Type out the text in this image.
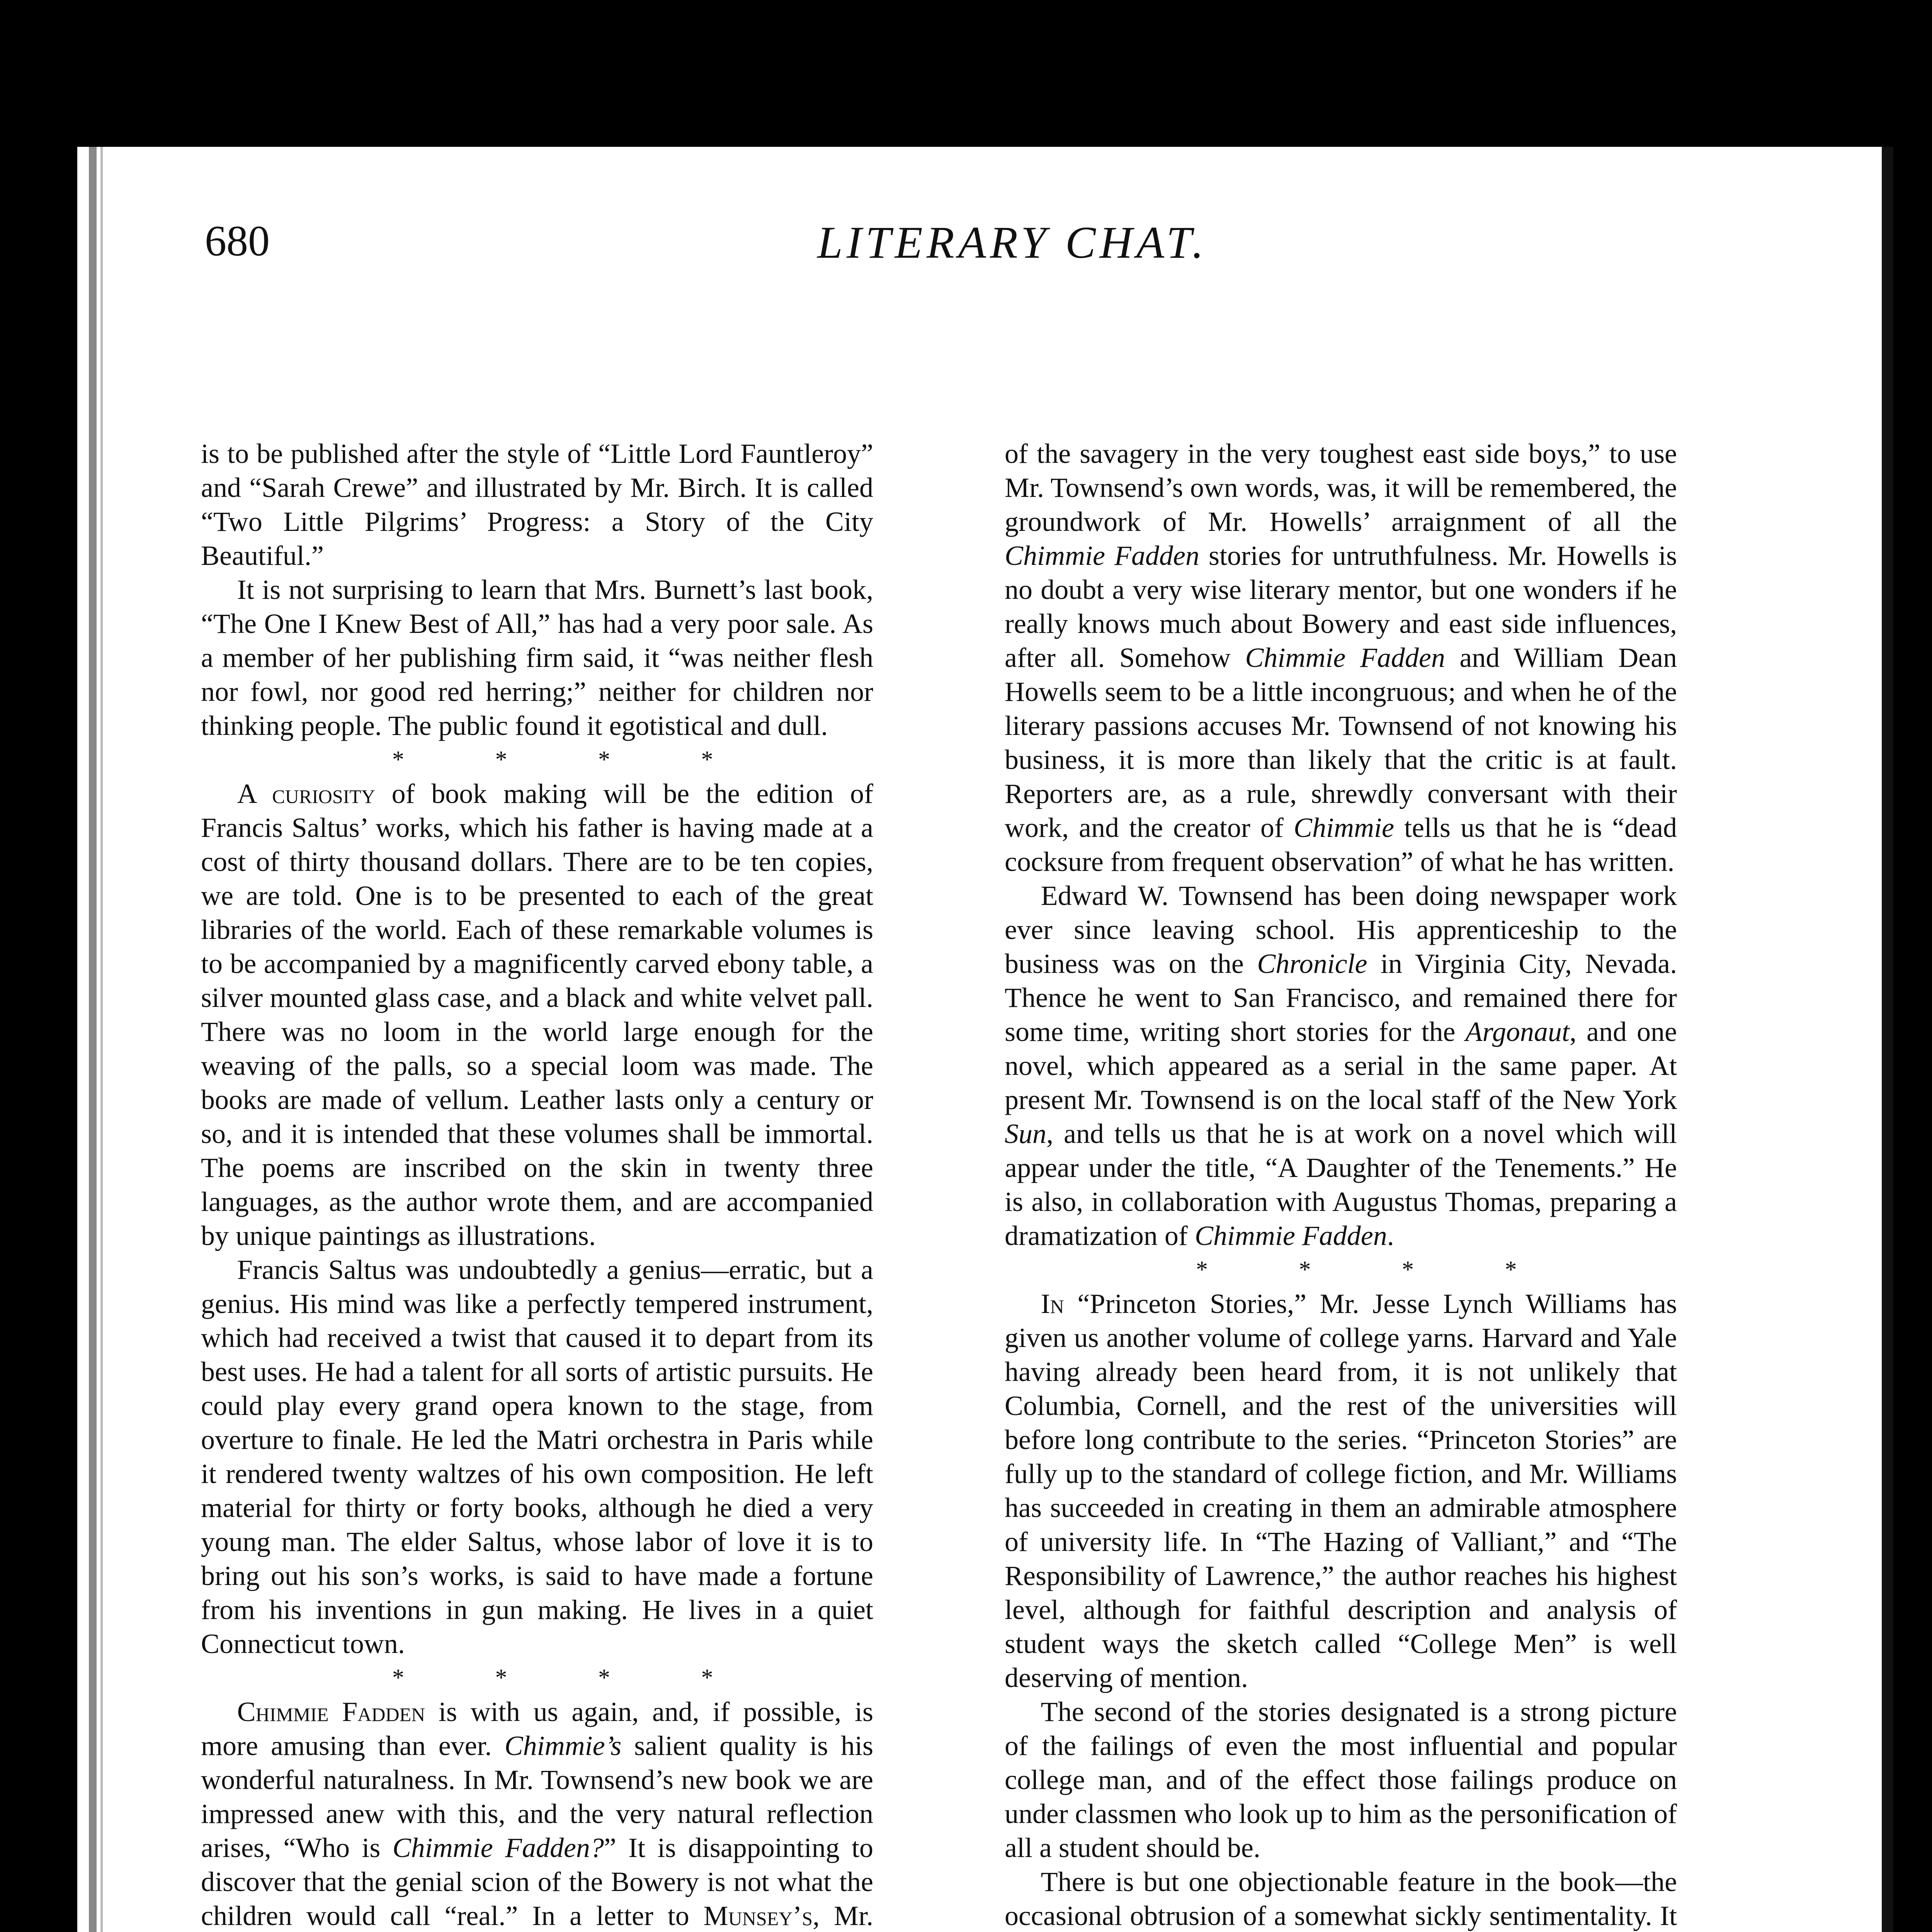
680	LITERARY CHAT.

is to be published after the style of “Little Lord Fauntleroy” and “Sarah Crewe” and illustrated by Mr. Birch. It is called “Two Little Pilgrims’ Progress: a Story of the City Beautiful.”

It is not surprising to learn that Mrs. Burnett’s last book, “The One I Knew Best of All,” has had a very poor sale. As a member of her publishing firm said, it “was neither flesh nor fowl, nor good red herring;” neither for children nor thinking people. The public found it egotistical and dull.

* * * *

A curiosity of book making will be the edition of Francis Saltus’ works, which his father is having made at a cost of thirty thousand dollars. There are to be ten copies, we are told. One is to be presented to each of the great libraries of the world. Each of these remarkable volumes is to be accompanied by a magnificently carved ebony table, a silver mounted glass case, and a black and white velvet pall. There was no loom in the world large enough for the weaving of the palls, so a special loom was made. The books are made of vellum. Leather lasts only a century or so, and it is intended that these volumes shall be immortal. The poems are inscribed on the skin in twenty three languages, as the author wrote them, and are accompanied by unique paintings as illustrations.

Francis Saltus was undoubtedly a genius—erratic, but a genius. His mind was like a perfectly tempered instrument, which had received a twist that caused it to depart from its best uses. He had a talent for all sorts of artistic pursuits. He could play every grand opera known to the stage, from overture to finale. He led the Matri orchestra in Paris while it rendered twenty waltzes of his own composition. He left material for thirty or forty books, although he died a very young man. The elder Saltus, whose labor of love it is to bring out his son’s works, is said to have made a fortune from his inventions in gun making. He lives in a quiet Connecticut town.

* * * *

Chimmie Fadden is with us again, and, if possible, is more amusing than ever. Chimmie’s salient quality is his wonderful naturalness. In Mr. Townsend’s new book we are impressed anew with this, and the very natural reflection arises, “Who is Chimmie Fadden?” It is disappointing to discover that the genial scion of the Bowery is not what the children would call “real.” In a letter to Munsey’s, Mr.

of the savagery in the very toughest east side boys,” to use Mr. Townsend’s own words, was, it will be remembered, the groundwork of Mr. Howells’ arraignment of all the Chimmie Fadden stories for untruthfulness. Mr. Howells is no doubt a very wise literary mentor, but one wonders if he really knows much about Bowery and east side influences, after all. Somehow Chimmie Fadden and William Dean Howells seem to be a little incongruous; and when he of the literary passions accuses Mr. Townsend of not knowing his business, it is more than likely that the critic is at fault. Reporters are, as a rule, shrewdly conversant with their work, and the creator of Chimmie tells us that he is “dead cocksure from frequent observation” of what he has written.

Edward W. Townsend has been doing newspaper work ever since leaving school. His apprenticeship to the business was on the Chronicle in Virginia City, Nevada. Thence he went to San Francisco, and remained there for some time, writing short stories for the Argonaut, and one novel, which appeared as a serial in the same paper. At present Mr. Townsend is on the local staff of the New York Sun, and tells us that he is at work on a novel which will appear under the title, “A Daughter of the Tenements.” He is also, in collaboration with Augustus Thomas, preparing a dramatization of Chimmie Fadden.

* * * *

In “Princeton Stories,” Mr. Jesse Lynch Williams has given us another volume of college yarns. Harvard and Yale having already been heard from, it is not unlikely that Columbia, Cornell, and the rest of the universities will before long contribute to the series. “Princeton Stories” are fully up to the standard of college fiction, and Mr. Williams has succeeded in creating in them an admirable atmosphere of university life. In “The Hazing of Valliant,” and “The Responsibility of Lawrence,” the author reaches his highest level, although for faithful description and analysis of student ways the sketch called “College Men” is well deserving of mention.

The second of the stories designated is a strong picture of the failings of even the most influential and popular college man, and of the effect those failings produce on under classmen who look up to him as the personification of all a student should be.

There is but one objectionable feature in the book—the occasional obtrusion of a somewhat sickly sentimentality. It
